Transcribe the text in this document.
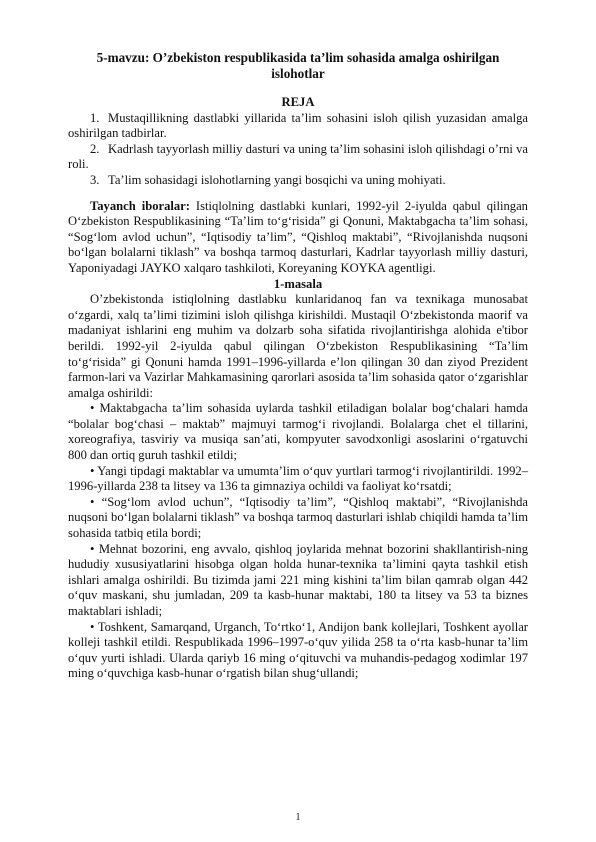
5-mavzu: O’zbekiston respublikasida ta’lim sohasida amalga oshirilgan islohotlar
REJA
1. Mustaqillikning dastlabki yillarida ta’lim sohasini isloh qilish yuzasidan amalga oshirilgan tadbirlar.
2. Kadrlash tayyorlash milliy dasturi va uning ta’lim sohasini isloh qilishdagi o’rni va roli.
3. Ta’lim sohasidagi islohotlarning yangi bosqichi va uning mohiyati.

Tayanch iboralar: Istiqlolning dastlabki kunlari, 1992-yil 2-iyulda qabul qilingan O‘zbekiston Respublikasining “Ta’lim to‘g‘risida” gi Qonuni, Maktabgacha ta’lim sohasi, “Sog‘lom avlod uchun”, “Iqtisodiy ta’lim”, “Qishloq maktabi”, “Rivojlanishda nuqsoni bo‘lgan bolalarni tiklash” va boshqa tarmoq dasturlari, Kadrlar tayyorlash milliy dasturi, Yaponiyadagi JAYKO xalqaro tashkiloti, Koreyaning KOYKA agentligi.

1-masala

O’zbekistonda istiqlolning dastlabku kunlaridanoq fan va texnikaga munosabat o‘zgardi, xalq ta’limi tizimini isloh qilishga kirishildi. Mustaqil O‘zbekistonda maorif va madaniyat ishlarini eng muhim va dolzarb soha sifatida rivojlantirishga alohida e'tibor berildi. 1992-yil 2-iyulda qabul qilingan O‘zbekiston Respublikasining “Ta’lim to‘g‘risida” gi Qonuni hamda 1991–1996-yillarda e’lon qilingan 30 dan ziyod Prezident farmon-lari va Vazirlar Mahkamasining qarorlari asosida ta’lim sohasida qator o‘zgarishlar amalga oshirildi:

• Maktabgacha ta’lim sohasida uylarda tashkil etiladigan bolalar bog‘chalari hamda “bolalar bog‘chasi – maktab” majmuyi tarmog‘i rivojlandi. Bolalarga chet el tillarini, xoreografiya, tasviriy va musiqa san’ati, kompyuter savodxonligi asoslarini o‘rgatuvchi 800 dan ortiq guruh tashkil etildi;

• Yangi tipdagi maktablar va umumta’lim o‘quv yurtlari tarmog‘i rivojlantirildi. 1992–1996-yillarda 238 ta litsey va 136 ta gimnaziya ochildi va faoliyat ko‘rsatdi;

• “Sog‘lom avlod uchun”, “Iqtisodiy ta’lim”, “Qishloq maktabi”, “Rivojlanishda nuqsoni bo‘lgan bolalarni tiklash” va boshqa tarmoq dasturlari ishlab chiqildi hamda ta’lim sohasida tatbiq etila bordi;

• Mehnat bozorini, eng avvalo, qishloq joylarida mehnat bozorini shakllantirish-ning hududiy xususiyatlarini hisobga olgan holda hunar-texnika ta’limini qayta tashkil etish ishlari amalga oshirildi. Bu tizimda jami 221 ming kishini ta’lim bilan qamrab olgan 442 o‘quv maskani, shu jumladan, 209 ta kasb-hunar maktabi, 180 ta litsey va 53 ta biznes maktablari ishladi;

• Toshkent, Samarqand, Urganch, To‘rtko‘1, Andijon bank kollejlari, Toshkent ayollar kolleji tashkil etildi. Respublikada 1996–1997-o‘quv yilida 258 ta o‘rta kasb-hunar ta’lim o‘quv yurti ishladi. Ularda qariyb 16 ming o‘qituvchi va muhandis-pedagog xodimlar 197 ming o‘quvchiga kasb-hunar o‘rgatish bilan shug‘ullandi;

1
